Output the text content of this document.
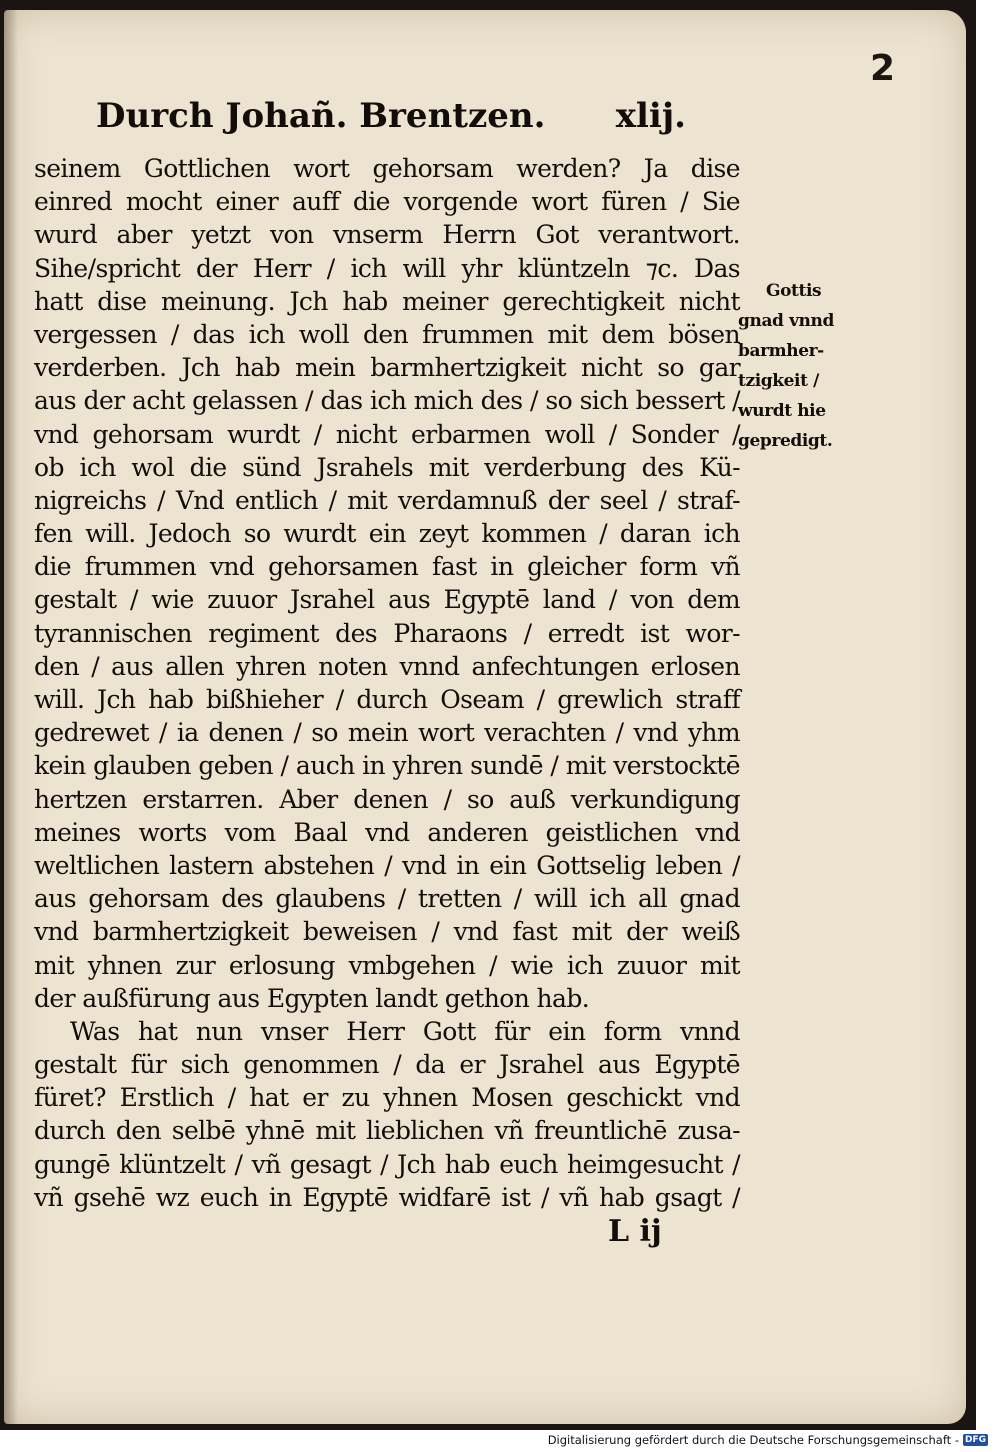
2
Durch Johañ. Brentzen. xlij.
seinem Gottlichen wort gehorsam werden? Ja dise
einred mocht einer auff die vorgende wort füren / Sie
wurd aber yetzt von vnserm Herrn Got verantwort.
Sihe/spricht der Herr / ich will yhr klüntzeln ⁊c. Das
hatt dise meinung. Jch hab meiner gerechtigkeit nicht
vergessen / das ich woll den frummen mit dem bösen
verderben. Jch hab mein barmhertzigkeit nicht so gar
aus der acht gelassen / das ich mich des / so sich bessert /
vnd gehorsam wurdt / nicht erbarmen woll / Sonder /
ob ich wol die sünd Jsrahels mit verderbung des Kü-
nigreichs / Vnd entlich / mit verdamnuß der seel / straf-
fen will. Jedoch so wurdt ein zeyt kommen / daran ich
die frummen vnd gehorsamen fast in gleicher form vñ
gestalt / wie zuuor Jsrahel aus Egyptē land / von dem
tyrannischen regiment des Pharaons / erredt ist wor-
den / aus allen yhren noten vnnd anfechtungen erlosen
will. Jch hab bißhieher / durch Oseam / grewlich straff
gedrewet / ia denen / so mein wort verachten / vnd yhm
kein glauben geben / auch in yhren sundē / mit verstocktē
hertzen erstarren. Aber denen / so auß verkundigung
meines worts vom Baal vnd anderen geistlichen vnd
weltlichen lastern abstehen / vnd in ein Gottselig leben /
aus gehorsam des glaubens / tretten / will ich all gnad
vnd barmhertzigkeit beweisen / vnd fast mit der weiß
mit yhnen zur erlosung vmbgehen / wie ich zuuor mit
der außfürung aus Egypten landt gethon hab.
Was hat nun vnser Herr Gott für ein form vnnd
gestalt für sich genommen / da er Jsrahel aus Egyptē
füret? Erstlich / hat er zu yhnen Mosen geschickt vnd
durch den selbē yhnē mit lieblichen vñ freuntlichē zusa-
gungē klüntzelt / vñ gesagt / Jch hab euch heimgesucht /
vñ gsehē wz euch in Egyptē widfarē ist / vñ hab gsagt /
Gottis
gnad vnnd
barmher-
tzigkeit /
wurdt hie
gepredigt.
L ij
Digitalisierung gefördert durch die Deutsche Forschungsgemeinschaft - DFG
